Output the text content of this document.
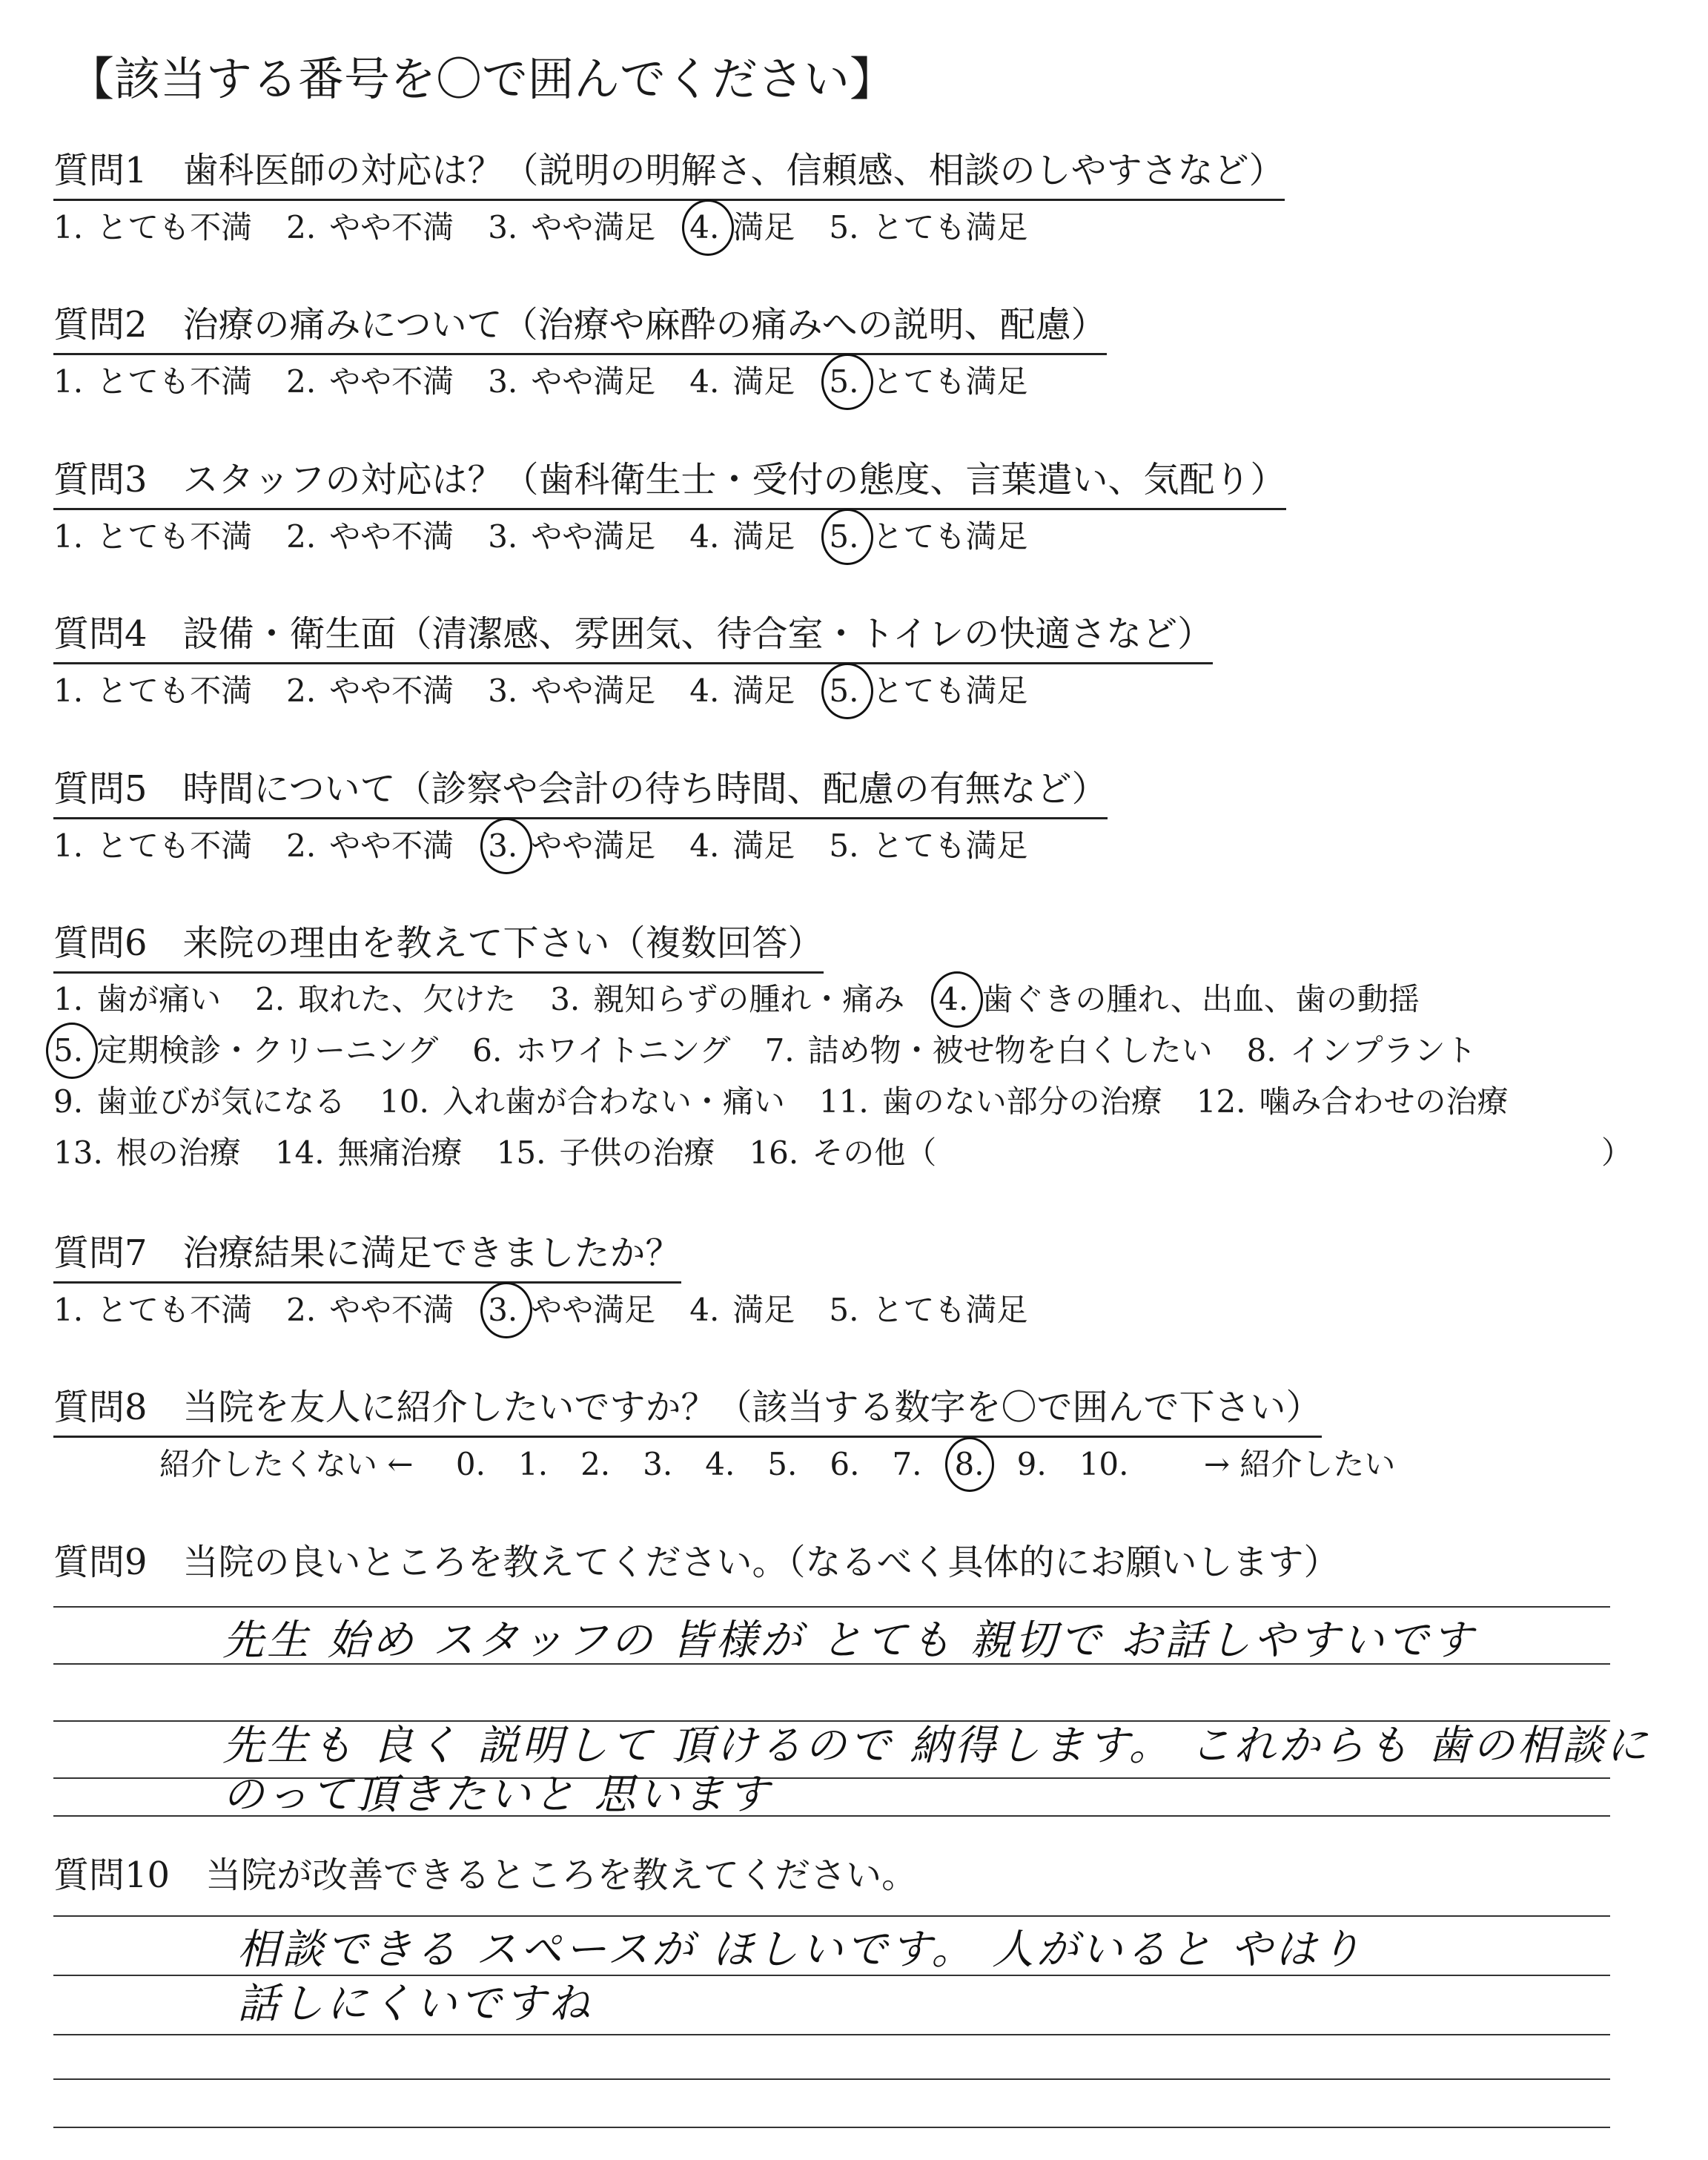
【該当する番号を〇で囲んでください】
質問1　歯科医師の対応は？（説明の明解さ、信頼感、相談のしやすさなど）
1. とても不満 2. やや不満 3. やや満足 4. 満足 5. とても満足
質問2　治療の痛みについて（治療や麻酔の痛みへの説明、配慮）
1. とても不満 2. やや不満 3. やや満足 4. 満足 5. とても満足
質問3　スタッフの対応は？（歯科衛生士・受付の態度、言葉遣い、気配り）
1. とても不満 2. やや不満 3. やや満足 4. 満足 5. とても満足
質問4　設備・衛生面（清潔感、雰囲気、待合室・トイレの快適さなど）
1. とても不満 2. やや不満 3. やや満足 4. 満足 5. とても満足
質問5　時間について（診察や会計の待ち時間、配慮の有無など）
1. とても不満 2. やや不満 3. やや満足 4. 満足 5. とても満足
質問6　来院の理由を教えて下さい（複数回答）
1. 歯が痛い 2. 取れた、欠けた 3. 親知らずの腫れ・痛み 4. 歯ぐきの腫れ、出血、歯の動揺
5. 定期検診・クリーニング 6. ホワイトニング 7. 詰め物・被せ物を白くしたい 8. インプラント
9. 歯並びが気になる 10. 入れ歯が合わない・痛い 11. 歯のない部分の治療 12. 噛み合わせの治療
13. 根の治療 14. 無痛治療 15. 子供の治療 16. その他（	）
質問7　治療結果に満足できましたか？
1. とても不満 2. やや不満 3. やや満足 4. 満足 5. とても満足
質問8　当院を友人に紹介したいですか？（該当する数字を〇で囲んで下さい）
紹介したくない ← 0. 1. 2. 3. 4. 5. 6. 7. 8. 9. 10. → 紹介したい
質問9　当院の良いところを教えてください。（なるべく具体的にお願いします）
先生 始め スタッフの 皆様が とても 親切で お話しやすいです
先生も 良く 説明して 頂けるので 納得します。 これからも 歯の相談に
のって頂きたいと 思います
質問10　当院が改善できるところを教えてください。
相談できる スペースが ほしいです。 人がいると やはり
話しにくいですね
